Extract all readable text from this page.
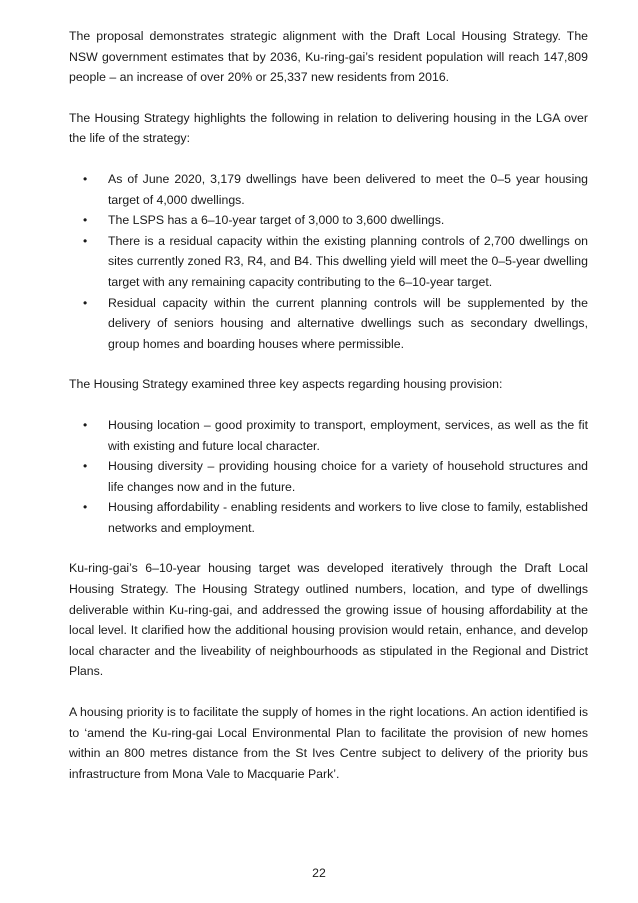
The proposal demonstrates strategic alignment with the Draft Local Housing Strategy. The NSW government estimates that by 2036, Ku-ring-gai’s resident population will reach 147,809 people – an increase of over 20% or 25,337 new residents from 2016.

The Housing Strategy highlights the following in relation to delivering housing in the LGA over the life of the strategy:

• As of June 2020, 3,179 dwellings have been delivered to meet the 0–5 year housing target of 4,000 dwellings.
• The LSPS has a 6–10-year target of 3,000 to 3,600 dwellings.
• There is a residual capacity within the existing planning controls of 2,700 dwellings on sites currently zoned R3, R4, and B4. This dwelling yield will meet the 0–5-year dwelling target with any remaining capacity contributing to the 6–10-year target.
• Residual capacity within the current planning controls will be supplemented by the delivery of seniors housing and alternative dwellings such as secondary dwellings, group homes and boarding houses where permissible.

The Housing Strategy examined three key aspects regarding housing provision:

• Housing location – good proximity to transport, employment, services, as well as the fit with existing and future local character.
• Housing diversity – providing housing choice for a variety of household structures and life changes now and in the future.
• Housing affordability - enabling residents and workers to live close to family, established networks and employment.

Ku-ring-gai’s 6–10-year housing target was developed iteratively through the Draft Local Housing Strategy. The Housing Strategy outlined numbers, location, and type of dwellings deliverable within Ku-ring-gai, and addressed the growing issue of housing affordability at the local level. It clarified how the additional housing provision would retain, enhance, and develop local character and the liveability of neighbourhoods as stipulated in the Regional and District Plans.

A housing priority is to facilitate the supply of homes in the right locations. An action identified is to ‘amend the Ku-ring-gai Local Environmental Plan to facilitate the provision of new homes within an 800 metres distance from the St Ives Centre subject to delivery of the priority bus infrastructure from Mona Vale to Macquarie Park’.

22
